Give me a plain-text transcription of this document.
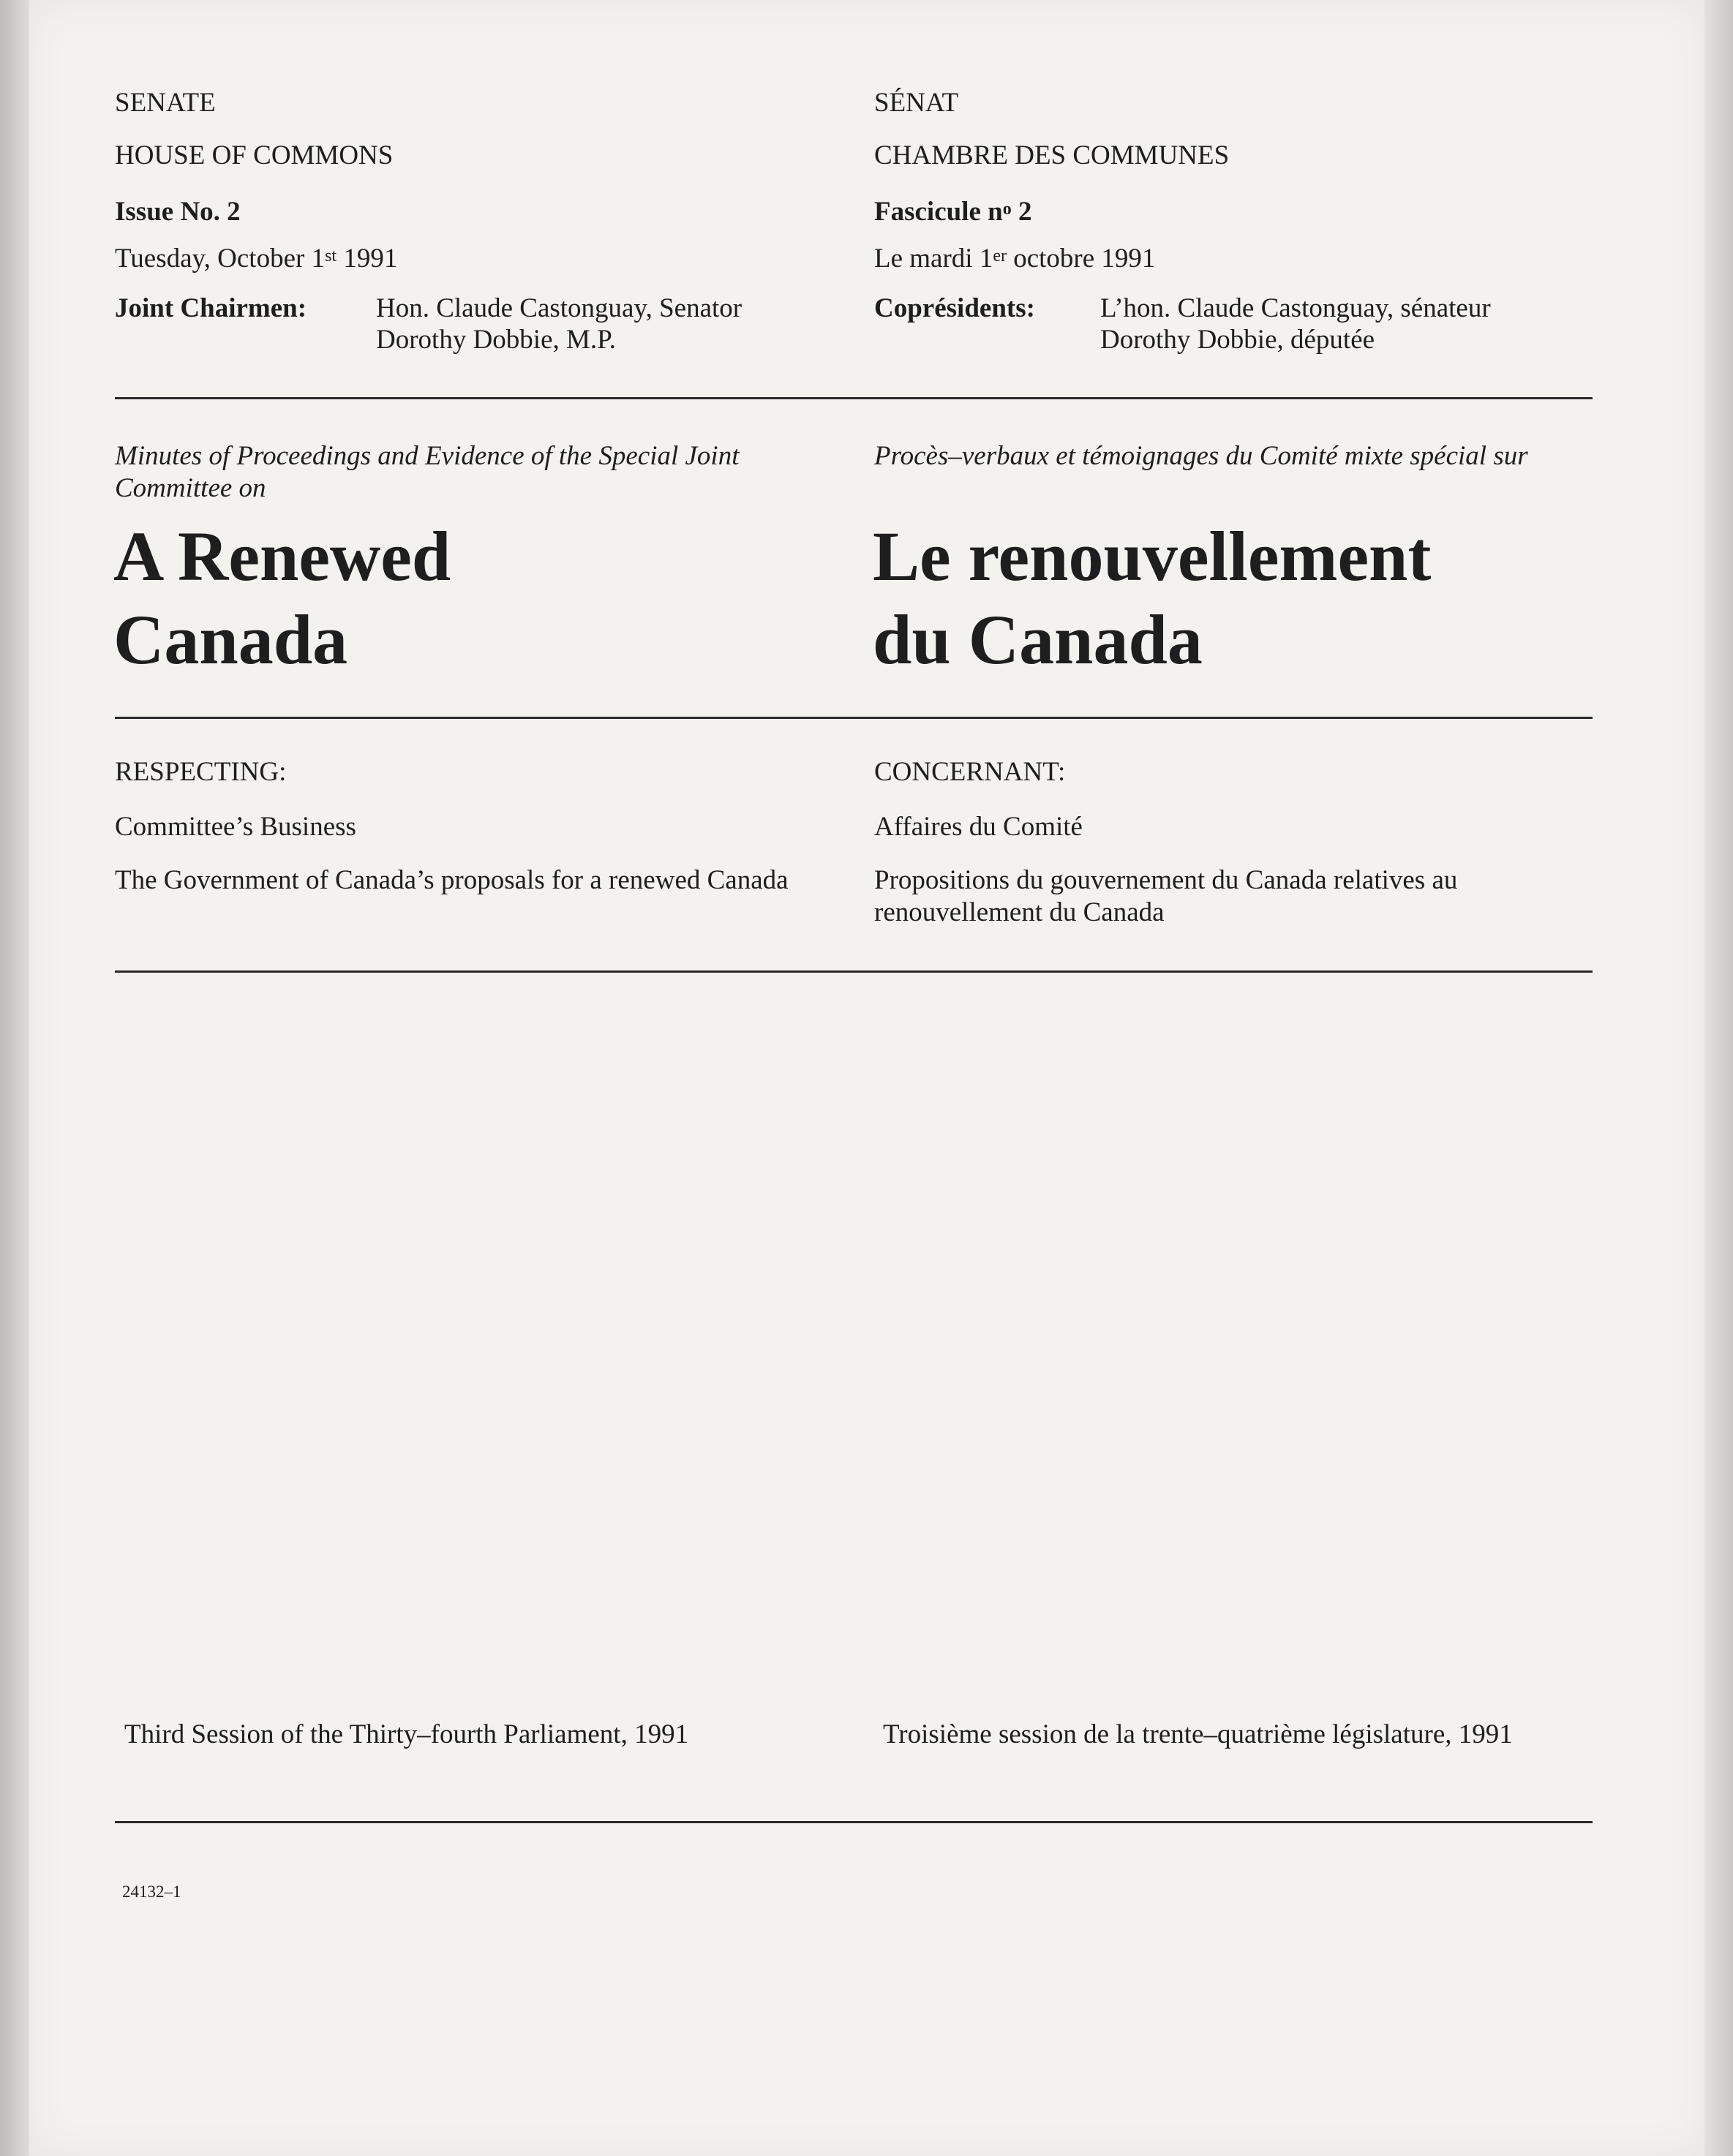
SENATE
HOUSE OF COMMONS
Issue No. 2
Tuesday, October 1st 1991
Joint Chairmen:	Hon. Claude Castonguay, Senator
Dorothy Dobbie, M.P.
SÉNAT
CHAMBRE DES COMMUNES
Fascicule $n^o$ 2
Le mardi 1er octobre 1991
Coprésidents: L’hon. Claude Castonguay, sénateur
Dorothy Dobbie, députée
Minutes of Proceedings and Evidence of the Special Joint Committee on
A Renewed
Canada
Procès–verbaux et témoignages du Comité mixte spécial sur
Le renouvellement
du Canada
RESPECTING:
Committee’s Business
The Government of Canada’s proposals for a renewed Canada
CONCERNANT:
Affaires du Comité
Propositions du gouvernement du Canada relatives au renouvellement du Canada
Third Session of the Thirty–fourth Parliament, 1991	Troisième session de la trente–quatrième législature, 1991
24132–1
